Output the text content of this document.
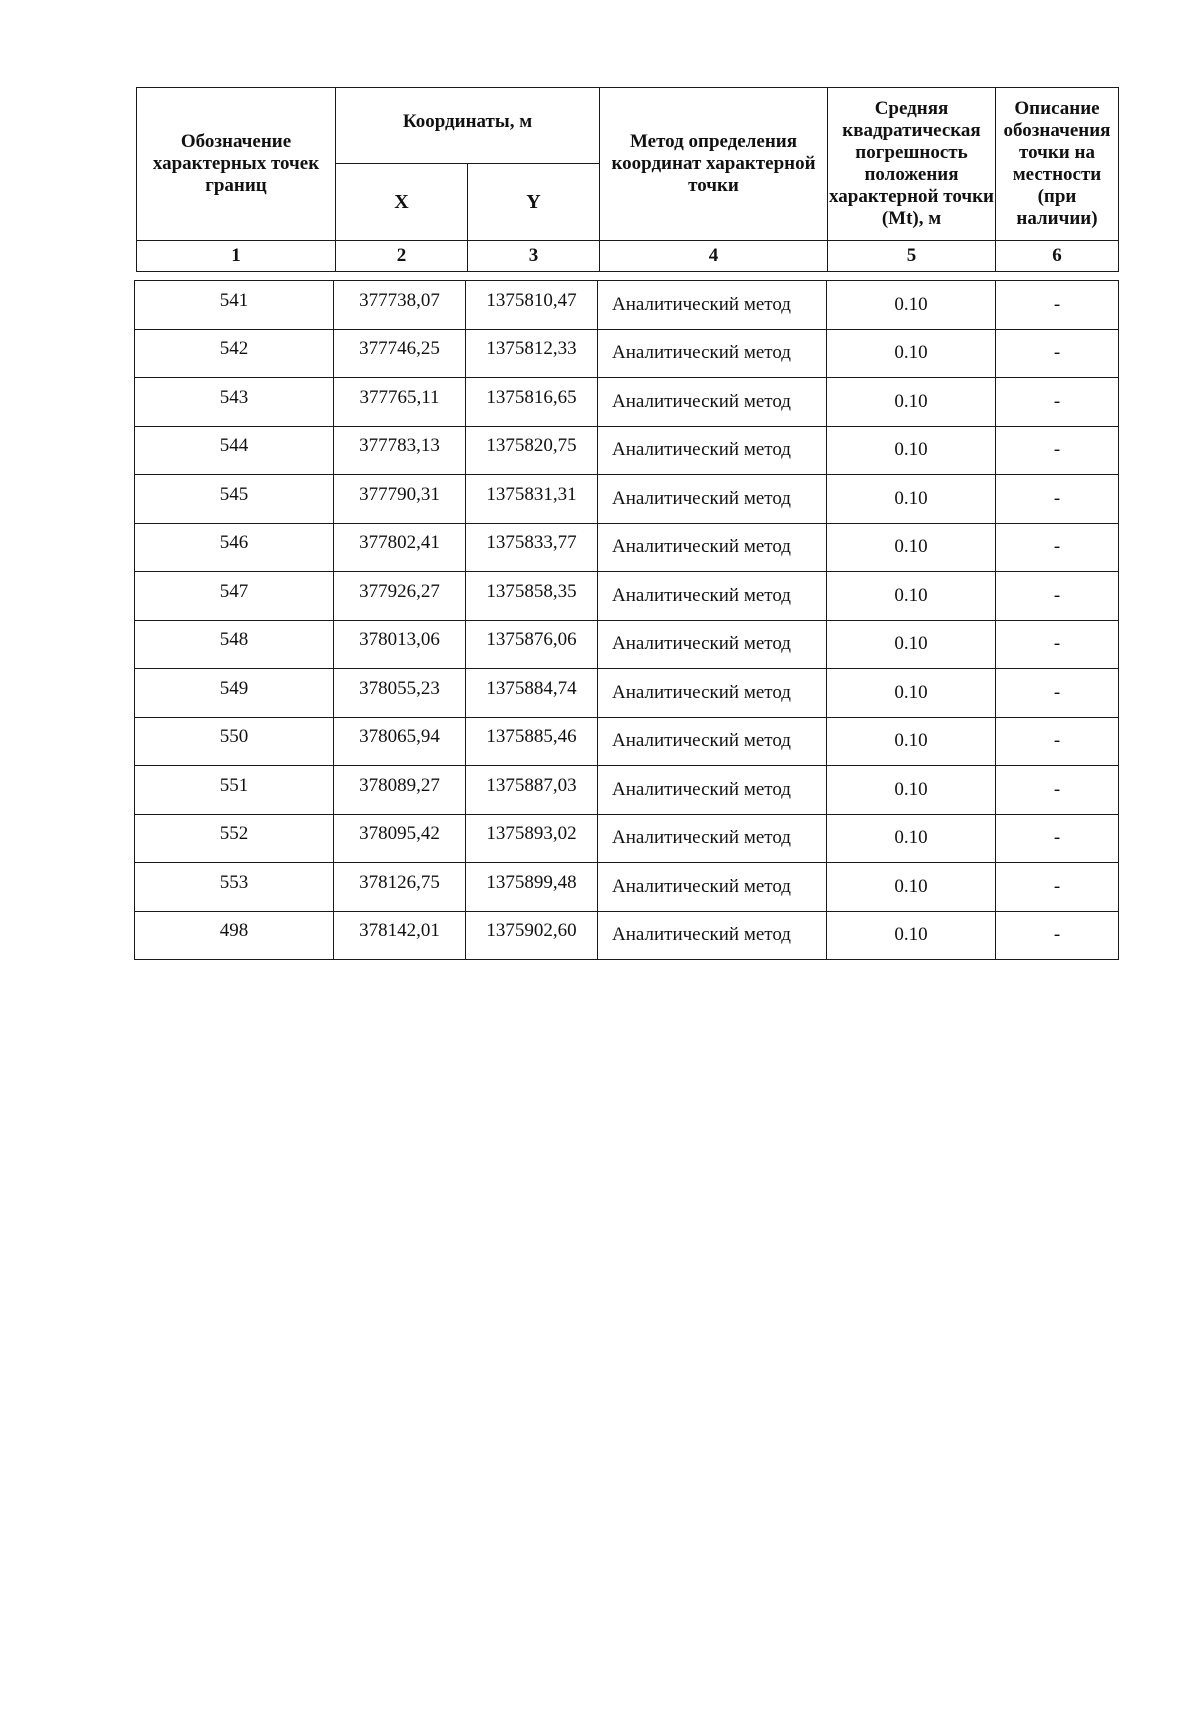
Обозначение характерных точек границ	Координаты, м		Метод определения координат характерной точки	Средняя квадратическая погрешность положения характерной точки (Mt), м	Описание обозначения точки на местности (при наличии)
	X	Y			
1	2	3	4	5	6
541	377738,07	1375810,47	Аналитический метод	0.10	-
542	377746,25	1375812,33	Аналитический метод	0.10	-
543	377765,11	1375816,65	Аналитический метод	0.10	-
544	377783,13	1375820,75	Аналитический метод	0.10	-
545	377790,31	1375831,31	Аналитический метод	0.10	-
546	377802,41	1375833,77	Аналитический метод	0.10	-
547	377926,27	1375858,35	Аналитический метод	0.10	-
548	378013,06	1375876,06	Аналитический метод	0.10	-
549	378055,23	1375884,74	Аналитический метод	0.10	-
550	378065,94	1375885,46	Аналитический метод	0.10	-
551	378089,27	1375887,03	Аналитический метод	0.10	-
552	378095,42	1375893,02	Аналитический метод	0.10	-
553	378126,75	1375899,48	Аналитический метод	0.10	-
498	378142,01	1375902,60	Аналитический метод	0.10	-
